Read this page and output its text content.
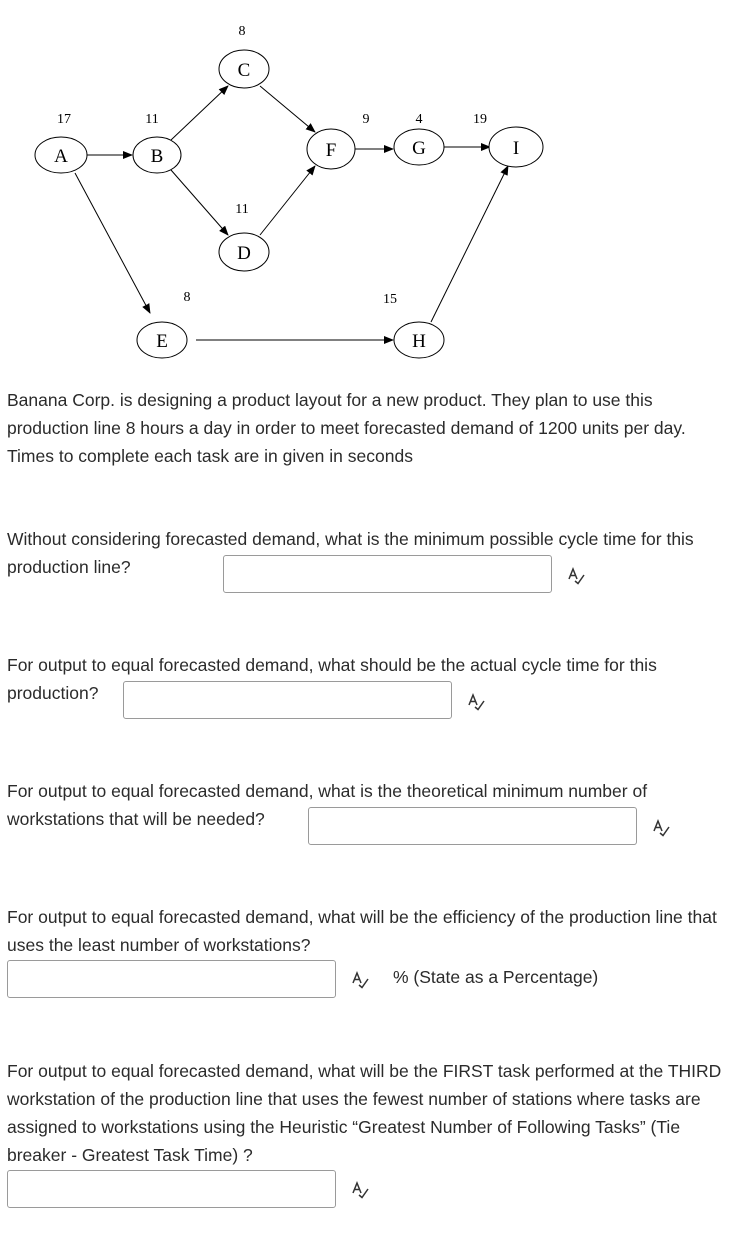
A
17
B
11
C
8
D
11
E
8
F
9
G
4
H
15
I
19
Banana Corp. is designing a product layout for a new product. They plan to use this production line 8 hours a day in order to meet forecasted demand of 1200 units per day. Times to complete each task are in given in seconds
Without considering forecasted demand, what is the minimum possible cycle time for this production line?
For output to equal forecasted demand, what should be the actual cycle time for this production?
For output to equal forecasted demand, what is the theoretical minimum number of workstations that will be needed?
For output to equal forecasted demand, what will be the efficiency of the production line that uses the least number of workstations?
% (State as a Percentage)
For output to equal forecasted demand, what will be the FIRST task performed at the THIRD workstation of the production line that uses the fewest number of stations where tasks are assigned to workstations using the Heuristic “Greatest Number of Following Tasks” (Tie breaker - Greatest Task Time) ?
